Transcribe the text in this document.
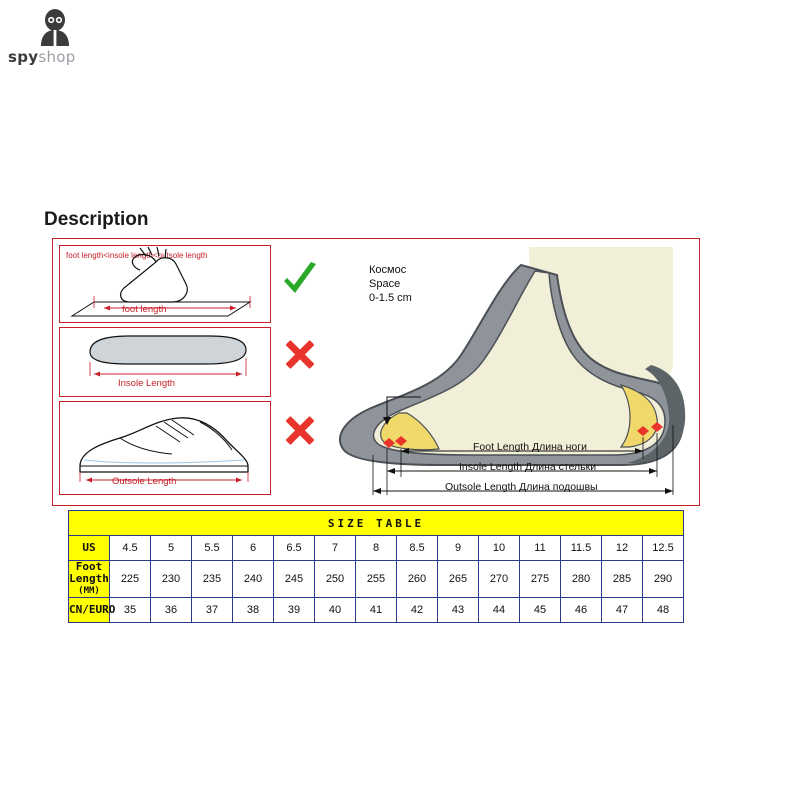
spyshop
Description
foot length<insole length<outsole length
foot length
Insole Length
Outsole Length
Космос
Space
0-1.5 cm
Foot Length Длина ноги
Insole Length Длина стельки
Outsole Length Длина подошвы
SIZE TABLE														
US	4.5	5	5.5	6	6.5	7	8	8.5	9	10	11	11.5	12	12.5
Foot Length
(MM)	225	230	235	240	245	250	255	260	265	270	275	280	285	290
CN/EURO	35	36	37	38	39	40	41	42	43	44	45	46	47	48
